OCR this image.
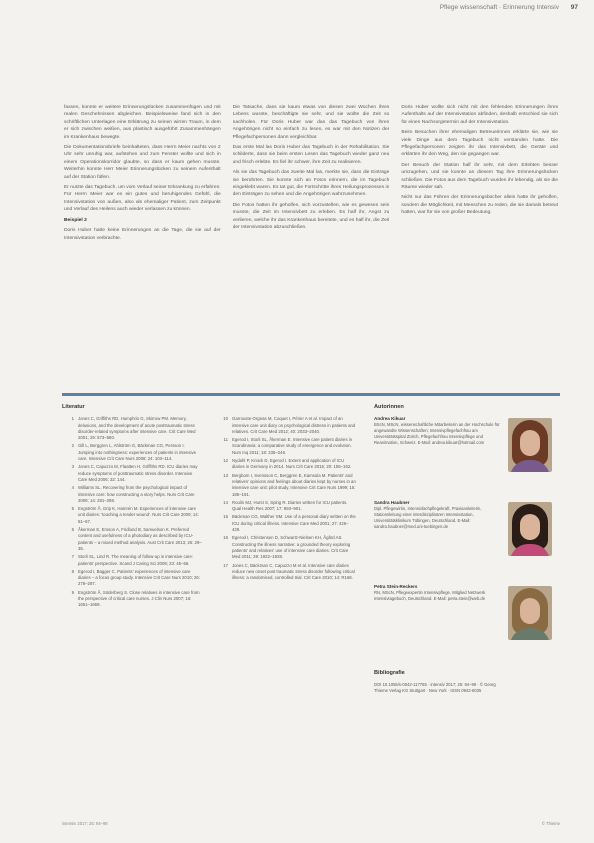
Pflege wissenschaft · Erinnerung Intensiv 97

fassen, konnte er weitere Erinnerungslücken zusammenfügen und mit realen Geschehnissen abgleichen. Beispielsweise fand sich in den schriftlichen Unterlagen eine Erklärung zu seinen wirren Traum, in dem er sich zwischen weißen, aus plastisch ausgeführt Zusammenhängen im Krankenhaus bewegte.

Die Dokumentationsbriefe beinhalteten, dass Herrn Meier nachts von 2 Uhr sehr unruhig war, aufstehen und zum Fenster wollte und sich in einem Operationskorridor glaubte, so dass er kaum gehen musste. Weiterhin konnte Herr Meier Erinnerungslücken zu seinem Aufenthalt auf der Station füllen.

Er nutzte das Tagebuch, um vom Verlauf seiner Erkrankung zu erfahren. Für Herrn Meier war es ein gutes und beruhigendes Gefühl, die Intensivstation von außen, also als ehemaliger Patient, zum Zeitpunkt und Verlauf des Heilens auch wieder verlassen zu können.

Beispiel 2

Doris Huber hatte keine Erinnerungen an die Tage, die sie auf der Intensivstation verbrachte.

Die Tatsache, dass sie kaum etwas von diesen zwei Wochen ihres Lebens wusste, beschäftigte sie sehr, und sie wollte die Zeit so nachholen. Für Doris Huber war das das Tagebuch von ihren Angehörigen nicht so einfach zu lesen, es war mit den Notizen der Pflegefachpersonen dann vergleichbar.

Das erste Mal las Doris Huber das Tagebuch in der Rehabilitation. Sie schilderte, dass sie beim ersten Lesen das Tagebuch wieder ganz neu und frisch erlebte. Es fiel ihr schwer, ihre Zeit zu realisieren.

Als sie das Tagebuch das zweite Mal las, merkte sie, dass die Einträge sie berührten. Sie konnte sich an Fotos erinnern, die im Tagebuch eingeklebt waren. Es tat gut, die Fortschritte ihres Heilungsprozesses in den Einträgen zu sehen und die Angehörigen wahrzunehmen.

Die Fotos hatten ihr geholfen, sich vorzustellen, wie es gewesen sein musste, die Zeit im Intensivbett zu erleben. Es half ihr, Angst zu verlieren, welche ihr das Krankenhaus bereitete, und es half ihr, die Zeit der Intensivstation abzuschließen.

Doris Huber wollte sich nicht mit den fehlenden Erinnerungen ihres Aufenthalts auf der Intensivstation abfinden, deshalb entschied sie sich für einen Nachsorgetermin auf der Intensivstation.

Beim Besuchen ihrer ehemaligen Betreuerinnen erklärte sie, wie sie viele Dinge aus dem Tagebuch nicht verstanden hatte. Die Pflegefachpersonen zeigten ihr das Intensivbett, die Geräte und erklärten ihr den Weg, den sie gegangen war.

Der Besuch der Station half ihr sehr, mit dem Erlebten besser umzugehen, und sie konnte an diesem Tag ihre Erinnerungslücken schließen. Die Fotos aus dem Tagebuch wurden ihr lebendig, als sie die Räume wieder sah.

Nicht nur das Führen der Erinnerungsbücher allein hatte ihr geholfen, sondern die Möglichkeit, mit Menschen zu reden, die sie damals betreut hatten, war für sie von großer Bedeutung.

Literatur
1 Jones C, Griffiths RD, Humphris G, Skirrow PM. Memory, delusions, and the development of acute posttraumatic stress disorder-related symptoms after intensive care. Crit Care Med 2001; 29: 573–580.
2 Gill L, Berggren L, Ahlström G, Bäckman CG, Persson I. Jumping into nothingness: experiences of patients in intensive care. Intensive Crit Care Nurs 2008; 24: 103–114.
3 Jones C, Capuzzo M, Flaatten H, Griffiths RD. ICU diaries may reduce symptoms of posttraumatic stress disorder. Intensive Care Med 2006; 32: 144.
4 Williams SL. Recovering from the psychological impact of intensive care: how constructing a story helps. Nurs Crit Care 2009; 14: 281–288.
5 Engström Å, Grip K, Hamrén M. Experiences of intensive care unit diaries: 'touching a tender wound'. Nurs Crit Care 2009; 14: 61–67.
6 Åkerman E, Ersson A, Fridlund B, Samuelson K. Preferred content and usefulness of a photodiary as described by ICU-patients – a mixed method analysis. Aust Crit Care 2013; 26: 29–35.
7 Storli SL, Lind R. The meaning of follow-up in intensive care: patients' perspective. Scand J Caring Sci 2009; 23: 45–56.
8 Egerod I, Bagger C. Patients' experiences of intensive care diaries – a focus group study. Intensive Crit Care Nurs 2010; 26: 278–287.
9 Engström Å, Söderberg S. Close relatives in intensive care from the perspective of critical care nurses. J Clin Nurs 2007; 16: 1651–1659.

10 Garrouste-Orgeas M, Coquet I, Périer A et al. Impact of an intensive care unit diary on psychological distress in patients and relatives. Crit Care Med 2012; 40: 2033–2040.
11 Egerod I, Storli SL, Åkerman E. Intensive care patient diaries in Scandinavia: a comparative study of emergence and evolution. Nurs Inq 2011; 18: 235–246.
12 Nydahl P, Knück D, Egerod I. Extent and application of ICU diaries in Germany in 2014. Nurs Crit Care 2015; 20: 155–162.
13 Bergbom I, Svensson C, Berggren E, Kamsula M. Patients' and relatives' opinions and feelings about diaries kept by nurses in an intensive care unit: pilot study. Intensive Crit Care Nurs 1999; 15: 185–191.
14 Roulin MJ, Hurst S, Spirig R. Diaries written for ICU patients. Qual Health Res 2007; 17: 893–901.
15 Bäckman CG, Walther SM. Use of a personal diary written on the ICU during critical illness. Intensive Care Med 2001; 27: 426–429.
16 Egerod I, Christensen D, Schwartz-Nielsen KH, Ågård AS. Constructing the illness narrative: a grounded theory exploring patients' and relatives' use of intensive care diaries. Crit Care Med 2011; 39: 1922–1928.
17 Jones C, Bäckman C, Capuzzo M et al. Intensive care diaries reduce new onset post traumatic stress disorder following critical illness: a randomised, controlled trial. Crit Care 2010; 14: R168.
Autorinnen
Andrea Kikuar
BScN, MScN, wissenschaftliche Mitarbeiterin an der Hochschule für angewandte Wissenschaften; Intensivpflegefachfrau am Universitätsspital Zürich, Pflegefachfrau Intensivpflege und Reanimation, Schweiz. E-Mail: andrea.kikuar@hotmail.com
Sandra Haubner
Dipl. Pflegewirtin, Intensivfachpflegekraft, Praxisanleiterin, Stationsleitung einer interdisziplinären Intensivstation, Universitätsklinikum Tübingen, Deutschland. E-Mail: sandra.haubner@med.uni-tuebingen.de
Petra Stein-Reckers
RN, MScN, Pflegeexpertin Intensivpflege, Mitglied Netzwerk Intensivtagebuch, Deutschland. E-Mail: petra.stein@web.de
Bibliografie
DOI 10.1055/s-0042-117765 · intensiv 2017; 25: 94–98 · © Georg Thieme Verlag KG Stuttgart · New York · ISSN 0942-6035
intensiv 2017; 25: 94–98	© Thieme
